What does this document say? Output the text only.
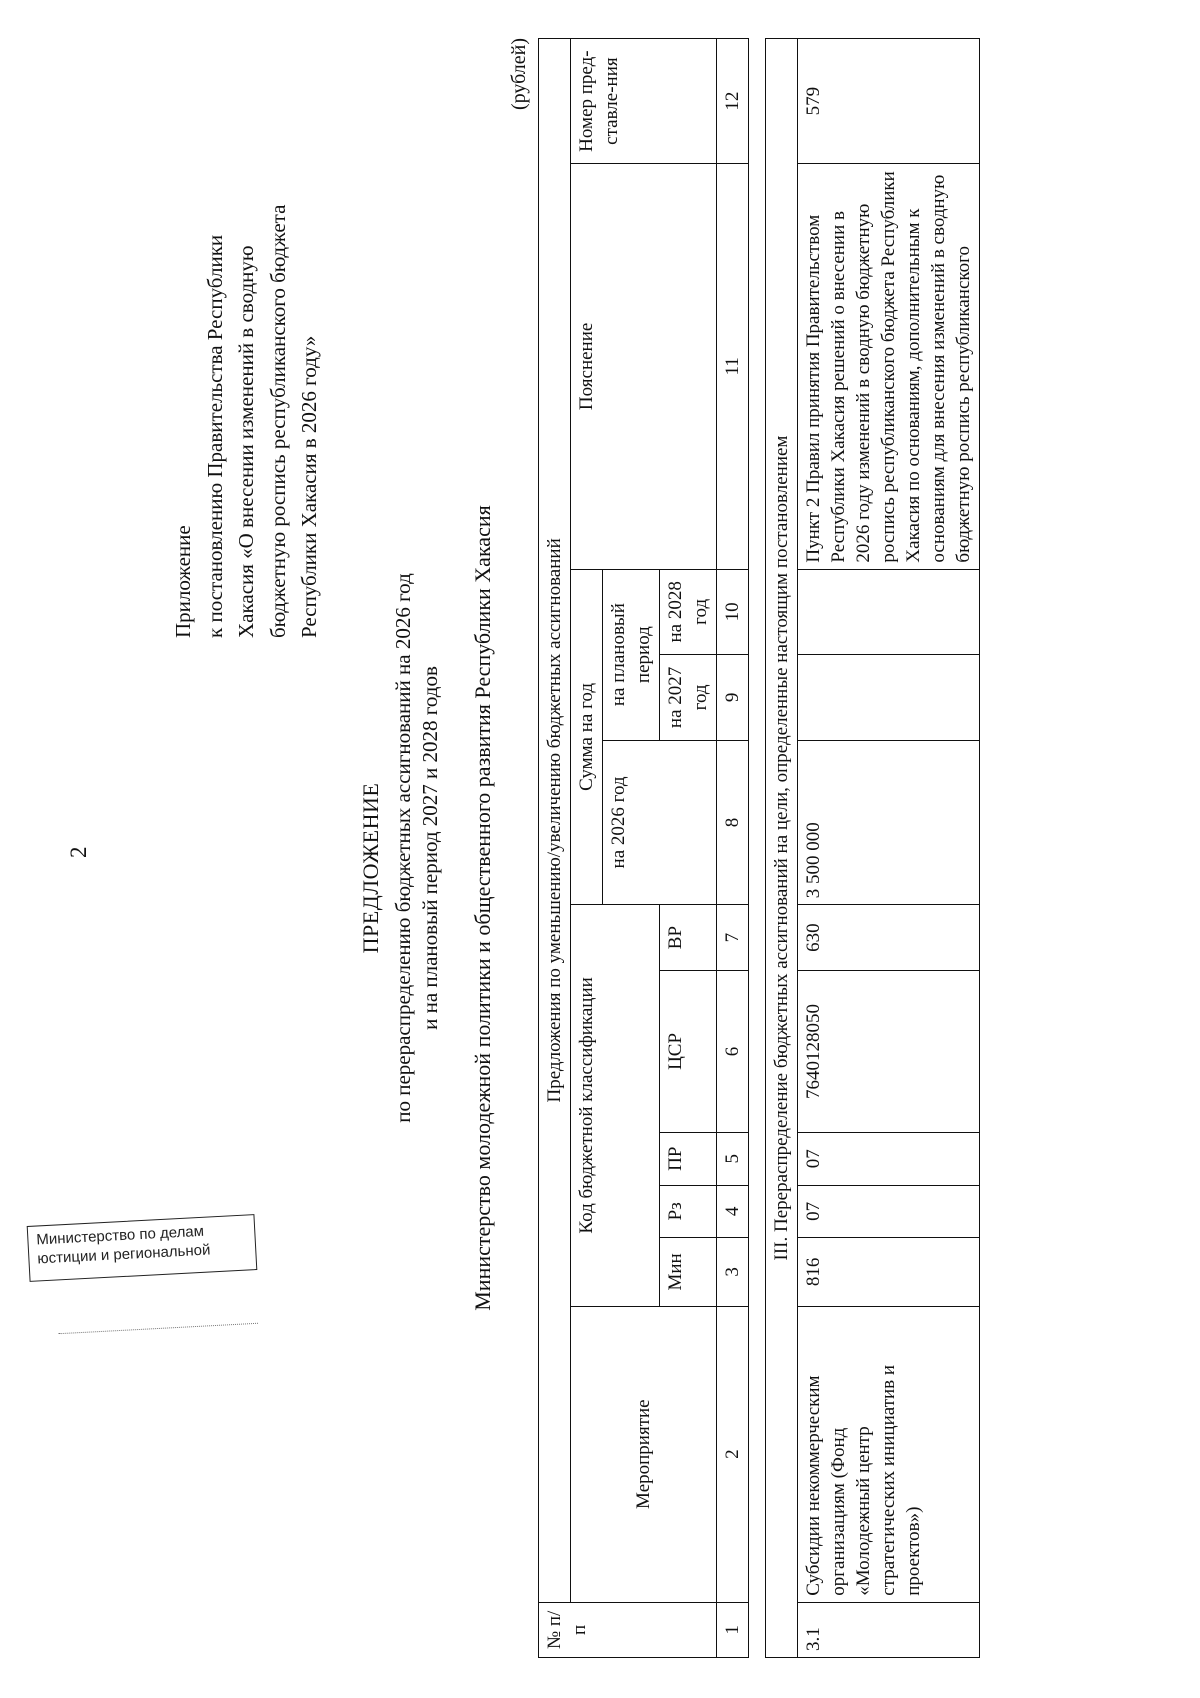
2
Приложение к постановлению Правительства Республики Хакасия «О внесении изменений в сводную бюджетную роспись республиканского бюджета Республики Хакасия в 2026 году»
ПРЕДЛОЖЕНИЕ по перераспределению бюджетных ассигнований на 2026 год и на плановый период 2027 и 2028 годов Министерство молодежной политики и общественного развития Республики Хакасия
(рублей)
№ п/п	Предложения по уменьшению/увеличению бюджетных ассигнований										
	Мероприятие	Код бюджетной классификации					Сумма на год			Пояснение	Номер пред-ставле-ния
							на 2026 год	на плановый период			
		Мин	Рз	ПР	ЦСР	ВР		на 2027 год	на 2028 год		
1	2	3	4	5	6	7	8	9	10	11	12

III. Перераспределение бюджетных ассигнований на цели, определенные настоящим постановлением											
3.1	Субсидии некоммерческим организациям (Фонд «Молодежный центр стратегических инициатив и проектов»)	816	07	07	7640128050	630	3 500 000			Пункт 2 Правил принятия Правительством Республики Хакасия решений о внесении в 2026 году изменений в сводную бюджетную роспись республиканского бюджета Республики Хакасия по основаниям, дополнительным к основаниям для внесения изменений в сводную бюджетную роспись республиканского	579
Министерство по делам
юстиции и региональной
